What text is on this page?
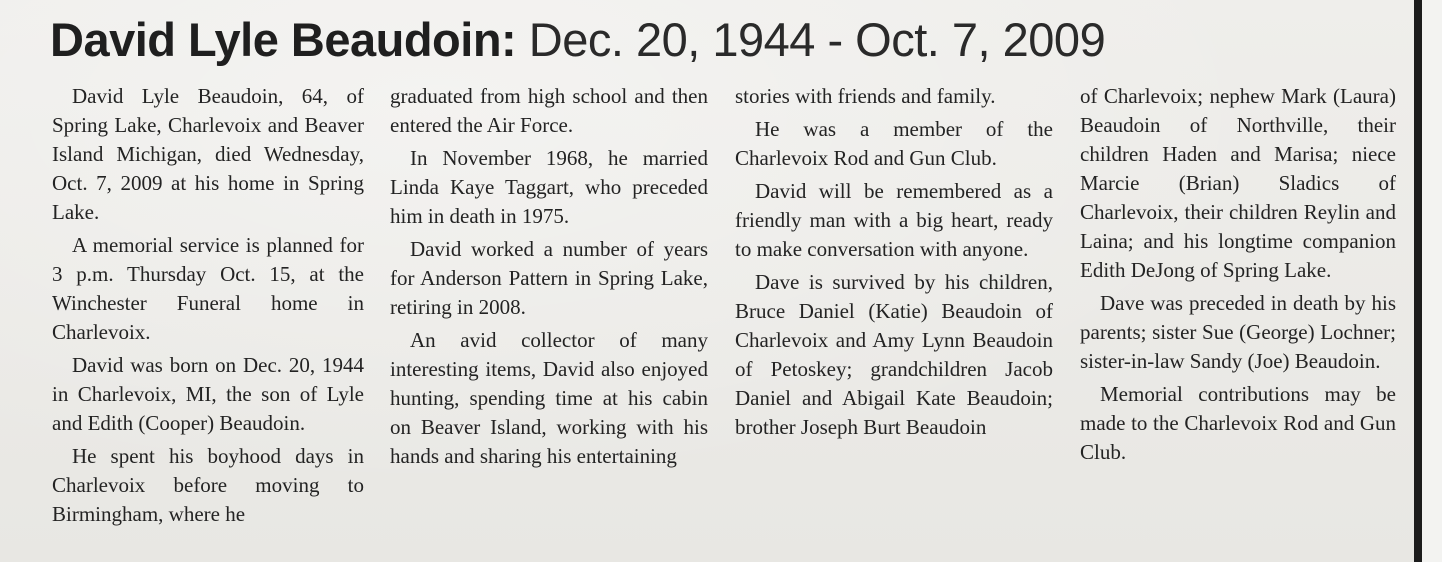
David Lyle Beaudoin: Dec. 20, 1944 - Oct. 7, 2009

David Lyle Beaudoin, 64, of Spring Lake, Charlevoix and Beaver Island Michigan, died Wednesday, Oct. 7, 2009 at his home in Spring Lake.

A memorial service is planned for 3 p.m. Thursday Oct. 15, at the Winchester Funeral home in Charlevoix.

David was born on Dec. 20, 1944 in Charlevoix, MI, the son of Lyle and Edith (Cooper) Beaudoin.

He spent his boyhood days in Charlevoix before moving to Birmingham, where he

graduated from high school and then entered the Air Force.

In November 1968, he married Linda Kaye Taggart, who preceded him in death in 1975.

David worked a number of years for Anderson Pattern in Spring Lake, retiring in 2008.

An avid collector of many interesting items, David also enjoyed hunting, spending time at his cabin on Beaver Island, working with his hands and sharing his entertaining

stories with friends and family.

He was a member of the Charlevoix Rod and Gun Club.

David will be remembered as a friendly man with a big heart, ready to make conversation with anyone.

Dave is survived by his children, Bruce Daniel (Katie) Beaudoin of Charlevoix and Amy Lynn Beaudoin of Petoskey; grandchildren Jacob Daniel and Abigail Kate Beaudoin; brother Joseph Burt Beaudoin

of Charlevoix; nephew Mark (Laura) Beaudoin of Northville, their children Haden and Marisa; niece Marcie (Brian) Sladics of Charlevoix, their children Reylin and Laina; and his longtime companion Edith DeJong of Spring Lake.

Dave was preceded in death by his parents; sister Sue (George) Lochner; sister-in-law Sandy (Joe) Beaudoin.

Memorial contributions may be made to the Charlevoix Rod and Gun Club.
